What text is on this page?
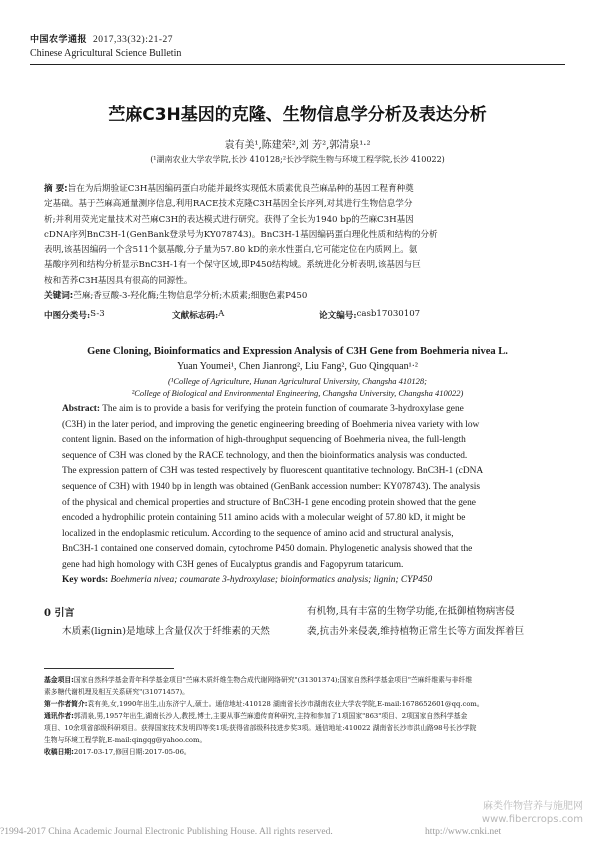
中国农学通报 2017,33(32):21-27
Chinese Agricultural Science Bulletin
苎麻C3H基因的克隆、生物信息学分析及表达分析
袁有美¹,陈建荣²,刘 芳²,郭清泉¹·²
(¹湖南农业大学农学院,长沙 410128;²长沙学院生物与环境工程学院,长沙 410022)
摘 要:旨在为后期验证C3H基因编码蛋白功能并最终实现低木质素优良苎麻品种的基因工程育种奠
定基础。基于苎麻高通量测序信息,利用RACE技术克隆C3H基因全长序列,对其进行生物信息学分
析;并利用荧光定量技术对苎麻C3H的表达模式进行研究。获得了全长为1940 bp的苎麻C3H基因
cDNA序列BnC3H-1(GenBank登录号为KY078743)。BnC3H-1基因编码蛋白理化性质和结构的分析
表明,该基因编码一个含511个氨基酸,分子量为57.80 kD的亲水性蛋白,它可能定位在内质网上。氨
基酸序列和结构分析显示BnC3H-1有一个保守区域,即P450结构域。系统进化分析表明,该基因与巨
桉和苦荞C3H基因具有很高的同源性。
关键词:苎麻;香豆酸-3-羟化酶;生物信息学分析;木质素;细胞色素P450
中图分类号: S-3	文献标志码: A	论文编号: casb17030107
Gene Cloning, Bioinformatics and Expression Analysis of C3H Gene from Boehmeria nivea L.
Yuan Youmei¹, Chen Jianrong², Liu Fang², Guo Qingquan¹·²
(¹College of Agriculture, Hunan Agricultural University, Changsha 410128;
²College of Biological and Environmental Engineering, Changsha University, Changsha 410022)
Abstract: The aim is to provide a basis for verifying the protein function of coumarate 3-hydroxylase gene
(C3H) in the later period, and improving the genetic engineering breeding of Boehmeria nivea variety with low
content lignin. Based on the information of high-throughput sequencing of Boehmeria nivea, the full-length
sequence of C3H was cloned by the RACE technology, and then the bioinformatics analysis was conducted.
The expression pattern of C3H was tested respectively by fluorescent quantitative technology. BnC3H-1 (cDNA
sequence of C3H) with 1940 bp in length was obtained (GenBank accession number: KY078743). The analysis
of the physical and chemical properties and structure of BnC3H-1 gene encoding protein showed that the gene
encoded a hydrophilic protein containing 511 amino acids with a molecular weight of 57.80 kD, it might be
localized in the endoplasmic reticulum. According to the sequence of amino acid and structural analysis,
BnC3H-1 contained one conserved domain, cytochrome P450 domain. Phylogenetic analysis showed that the
gene had high homology with C3H genes of Eucalyptus grandis and Fagopyrum tataricum.
Key words: Boehmeria nivea; coumarate 3-hydroxylase; bioinformatics analysis; lignin; CYP450
0 引言
木质素(lignin)是地球上含量仅次于纤维素的天然
有机物,具有丰富的生物学功能,在抵御植物病害侵
袭,抗击外来侵袭,维持植物正常生长等方面发挥着巨
基金项目:国家自然科学基金青年科学基金项目"苎麻木质纤维生物合成代谢网络研究"(31301374);国家自然科学基金项目"苎麻纤维素与非纤维
素多糖代谢机理及相互关系研究"(31071457)。
第一作者简介:袁有美,女,1990年出生,山东济宁人,硕士。通信地址:410128 湖南省长沙市湖南农业大学农学院,E-mail:1678652601@qq.com。
通讯作者:郭清泉,男,1957年出生,湖南长沙人,教授,博士,主要从事苎麻遗传育种研究,主持和参加了1项国家"863"项目、2项国家自然科学基金
项目、10余项省部级科研项目。获得国家技术发明四等奖1项;获得省部级科技进步奖3项。通信地址:410022 湖南省长沙市洪山路98号长沙学院
生物与环境工程学院,E-mail:qingqg@yahoo.com。
收稿日期:2017-03-17,修回日期:2017-05-06。
麻类作物营养与施肥网
www.fibercrops.com
?1994-2017 China Academic Journal Electronic Publishing House. All rights reserved.	http://www.cnki.net
